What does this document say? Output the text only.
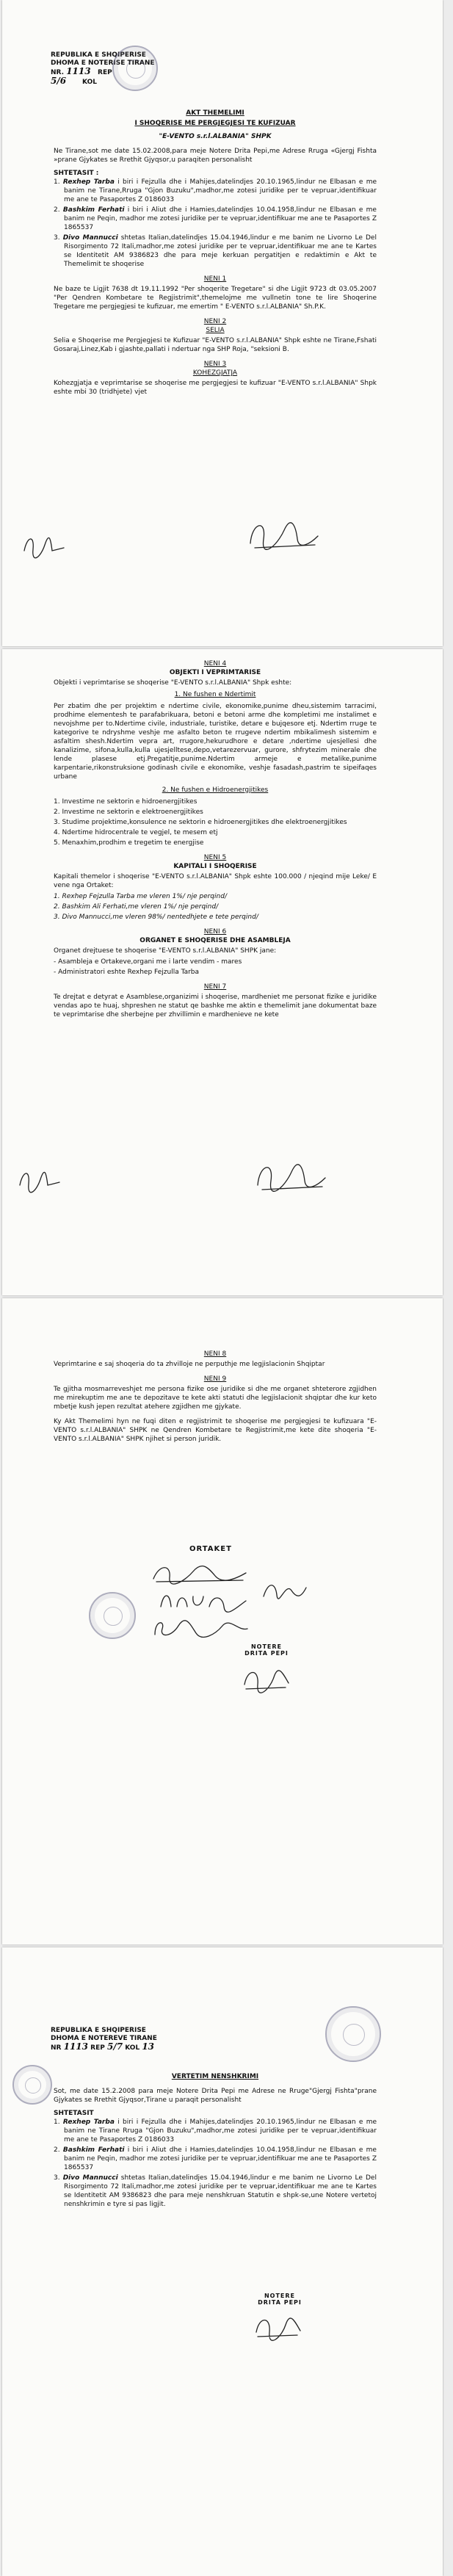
REPUBLIKA E SHQIPERISE
DHOMA E NOTERISE TIRANE
NR. 1113 REP
5/6 KOL
AKT THEMELIMI
I SHOQERISE ME PERGJEGJESI TE KUFIZUAR
"E-VENTO s.r.l.ALBANIA" SHPK

Ne Tirane,sot me date 15.02.2008,para meje Notere Drita Pepi,me Adrese Rruga «Gjergj Fishta »prane Gjykates se Rrethit Gjyqsor,u paraqiten personalisht

SHTETASIT :
1. Rexhep Tarba i biri i Fejzulla dhe i Mahijes,datelindjes 20.10.1965,lindur ne Elbasan e me banim ne Tirane,Rruga "Gjon Buzuku",madhor,me zotesi juridike per te vepruar,identifikuar me ane te Pasaportes Z 0186033
2. Bashkim Ferhati i biri i Aliut dhe i Hamies,datelindjes 10.04.1958,lindur ne Elbasan e me banim ne Peqin, madhor me zotesi juridike per te vepruar,identifikuar me ane te Pasaportes Z 1865537
3. Divo Mannucci shtetas Italian,datelindjes 15.04.1946,lindur e me banim ne Livorno Le Del Risorgimento 72 Itali,madhor,me zotesi juridike per te vepruar,identifikuar me ane te Kartes se Identitetit AM 9386823 dhe para meje kerkuan pergatitjen e redaktimin e Akt te Themelimit te shoqerise
NENI 1

Ne baze te Ligjit 7638 dt 19.11.1992 "Per shoqerite Tregetare" si dhe Ligjit 9723 dt 03.05.2007 "Per Qendren Kombetare te Regjistrimit",themelojme me vullnetin tone te lire Shoqerine Tregetare me pergjegjesi te kufizuar, me emertim " E-VENTO s.r.l.ALBANIA" Sh.P.K.

NENI 2
SELIA

Selia e Shoqerise me Pergjegjesi te Kufizuar "E-VENTO s.r.l.ALBANIA" Shpk eshte ne Tirane,Fshati Gosaraj,Linez,Kab i gjashte,pallati i ndertuar nga SHP Roja, "seksioni B.

NENI 3
KOHEZGJATJA

Kohezgjatja e veprimtarise se shoqerise me pergjegjesi te kufizuar "E-VENTO s.r.l.ALBANIA" Shpk eshte mbi 30 (tridhjete) vjet

NENI 4
OBJEKTI I VEPRIMTARISE

Objekti i veprimtarise se shoqerise "E-VENTO s.r.l.ALBANIA" Shpk eshte:

1. Ne fushen e Ndertimit

Per zbatim dhe per projektim e ndertime civile, ekonomike,punime dheu,sistemim tarracimi, prodhime elementesh te parafabrikuara, betoni e betoni arme dhe kompletimi me instalimet e nevojshme per to.Ndertime civile, industriale, turistike, detare e bujqesore etj. Ndertim rruge te kategorive te ndryshme veshje me asfalto beton te rrugeve ndertim mbikalimesh sistemim e asfaltim shesh.Ndertim vepra art, rrugore,hekurudhore e detare ,ndertime ujesjellesi dhe kanalizime, sifona,kulla,kulla ujesjelltese,depo,vetarezervuar, gurore, shfrytezim minerale dhe lende plasese etj.Pregatitje,punime.Ndertim armeje e metalike,punime karpentarie,rikonstruksione godinash civile e ekonomike, veshje fasadash,pastrim te sipeifaqes urbane

2. Ne fushen e Hidroenergjitikes
1. Investime ne sektorin e hidroenergjitikes
2. Investime ne sektorin e elektroenergjitikes
3. Studime projektime,konsulence ne sektorin e hidroenergjitikes dhe elektroenergjitikes
4. Ndertime hidrocentrale te vegjel, te mesem etj
5. Menaxhim,prodhim e tregetim te energjise
NENI 5
KAPITALI I SHOQERISE

Kapitali themelor i shoqerise "E-VENTO s.r.l.ALBANIA" Shpk eshte 100.000 / njeqind mije Leke/ E vene nga Ortaket:

1. Rexhep Fejzulla Tarba me vleren 1%/ nje perqind/
2. Bashkim Ali Ferhati,me vleren 1%/ nje perqind/
3. Divo Mannucci,me vleren 98%/ nentedhjete e tete perqind/
NENI 6
ORGANET E SHOQERISE DHE ASAMBLEJA

Organet drejtuese te shoqerise "E-VENTO s.r.l.ALBANIA" SHPK jane:

- Asambleja e Ortakeve,organi me i larte vendim - mares
- Administratori eshte Rexhep Fejzulla Tarba
NENI 7

Te drejtat e detyrat e Asamblese,organizimi i shoqerise, mardheniet me personat fizike e juridike vendas apo te huaj, shpreshen ne statut qe bashke me aktin e themelimit jane dokumentat baze te veprimtarise dhe sherbejne per zhvillimin e mardhenieve ne kete

NENI 8

Veprimtarine e saj shoqeria do ta zhvilloje ne perputhje me legjislacionin Shqiptar

NENI 9

Te gjitha mosmarreveshjet me persona fizike ose juridike si dhe me organet shteterore zgjidhen me mirekuptim me ane te depozitave te kete akti statuti dhe legjislacionit shqiptar dhe kur keto mbetje kush jepen rezultat atehere zgjidhen me gjykate.

Ky Akt Themelimi hyn ne fuqi diten e regjistrimit te shoqerise me pergjegjesi te kufizuara "E-VENTO s.r.l.ALBANIA" SHPK ne Qendren Kombetare te Regjistrimit,me kete dite shoqeria "E-VENTO s.r.l.ALBANIA" SHPK njihet si person juridik.

ORTAKET
NOTERE
DRITA PEPI
REPUBLIKA E SHQIPERISE
DHOMA E NOTEREVE TIRANE
NR 1113 REP 5/7 KOL 13
VERTETIM NENSHKRIMI

Sot, me date 15.2.2008 para meje Notere Drita Pepi me Adrese ne Rruge"Gjergj Fishta"prane Gjykates se Rrethit Gjyqsor,Tirane u paraqit personalisht

SHTETASIT
1. Rexhep Tarba i biri i Fejzulla dhe i Mahijes,datelindjes 20.10.1965,lindur ne Elbasan e me banim ne Tirane Rruga "Gjon Buzuku",madhor,me zotesi juridike per te vepruar,identifikuar me ane te Pasaportes Z 0186033
2. Bashkim Ferhati i biri i Aliut dhe i Hamies,datelindjes 10.04.1958,lindur ne Elbasan e me banim ne Peqin, madhor me zotesi juridike per te vepruar,identifikuar me ane te Pasaportes Z 1865537
3. Divo Mannucci shtetas Italian,datelindjes 15.04.1946,lindur e me banim ne Livorno Le Del Risorgimento 72 Itali,madhor,me zotesi juridike per te vepruar,identifikuar me ane te Kartes se Identitetit AM 9386823 dhe para meje nenshkruan Statutin e shpk-se,une Notere vertetoj nenshkrimin e tyre si pas ligjit.
NOTERE
DRITA PEPI
